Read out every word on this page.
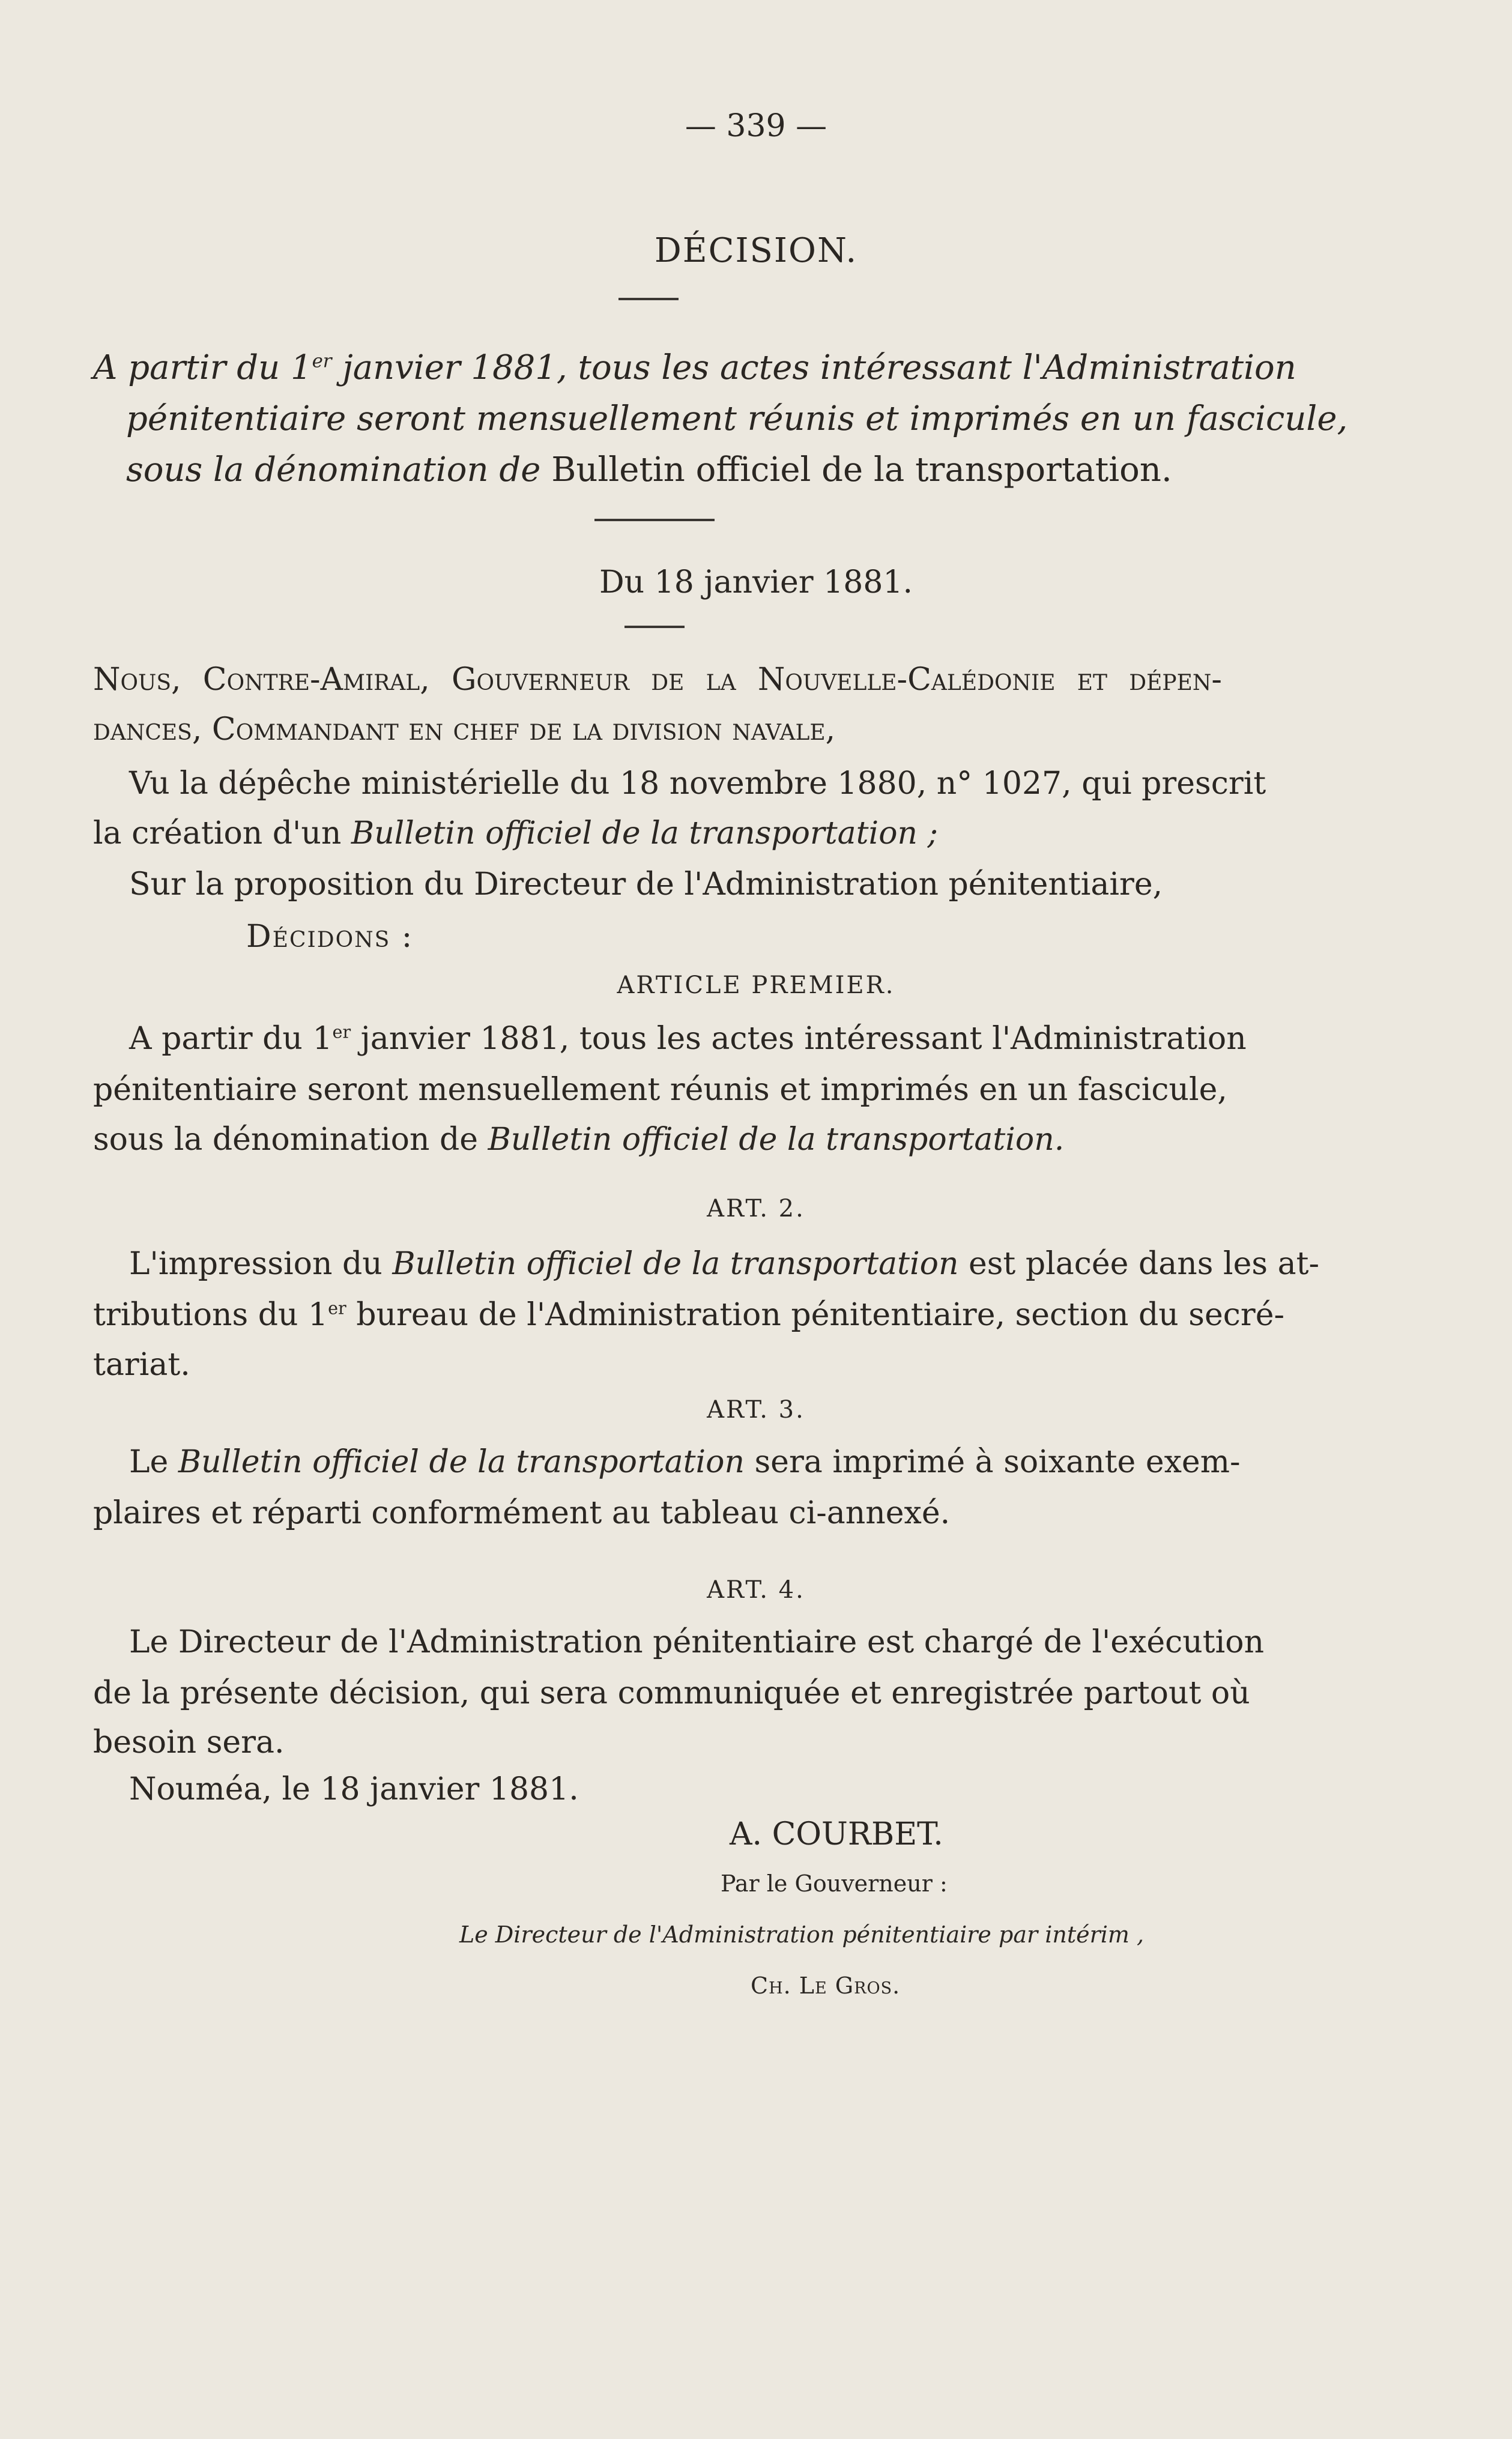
— 339 —
DÉCISION.
A partir du 1er janvier 1881, tous les actes intéressant l'Administration
pénitentiaire seront mensuellement réunis et imprimés en un fascicule,
sous la dénomination de Bulletin officiel de la transportation.
Du 18 janvier 1881.
Nous, Contre-Amiral, Gouverneur de la Nouvelle-Calédonie et dépen-
dances, Commandant en chef de la division navale,
Vu la dépêche ministérielle du 18 novembre 1880, n° 1027, qui prescrit
la création d'un Bulletin officiel de la transportation ;
Sur la proposition du Directeur de l'Administration pénitentiaire,
Décidons :
ARTICLE PREMIER.
A partir du 1er janvier 1881, tous les actes intéressant l'Administration
pénitentiaire seront mensuellement réunis et imprimés en un fascicule,
sous la dénomination de Bulletin officiel de la transportation.
ART. 2.
L'impression du Bulletin officiel de la transportation est placée dans les at-
tributions du 1er bureau de l'Administration pénitentiaire, section du secré-
tariat.
ART. 3.
Le Bulletin officiel de la transportation sera imprimé à soixante exem-
plaires et réparti conformément au tableau ci-annexé.
ART. 4.
Le Directeur de l'Administration pénitentiaire est chargé de l'exécution
de la présente décision, qui sera communiquée et enregistrée partout où
besoin sera.
Nouméa, le 18 janvier 1881.
A. COURBET.
Par le Gouverneur :
Le Directeur de l'Administration pénitentiaire par intérim ,
Ch. Le Gros.
